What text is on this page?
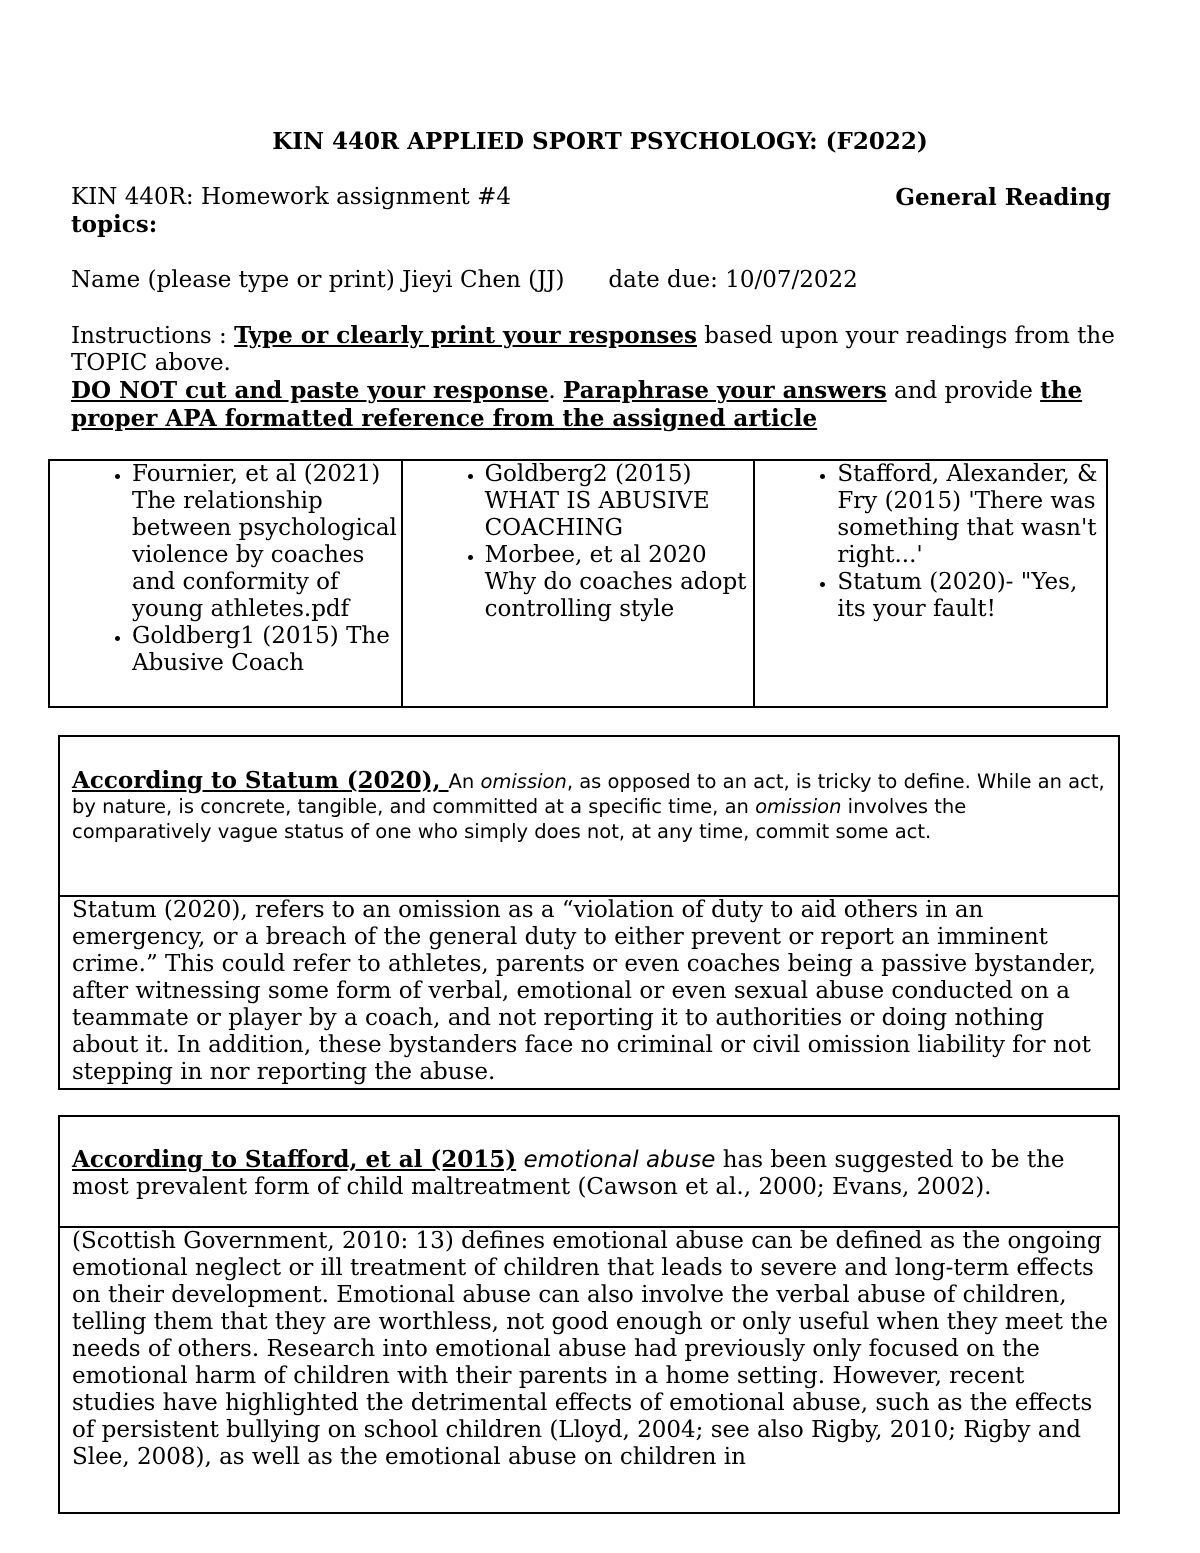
KIN 440R APPLIED SPORT PSYCHOLOGY: (F2022)
KIN 440R: Homework assignment #4	General Reading
topics:
Name (please type or print) Jieyi Chen (JJ) date due: 10/07/2022
Instructions : Type or clearly print your responses based upon your readings from the TOPIC above.
DO NOT cut and paste your response. Paraphrase your answers and provide the proper APA formatted reference from the assigned article
• Fournier, et al (2021) The relationship between psychological violence by coaches and conformity of young athletes.pdf
• Goldberg1 (2015) The Abusive Coach

• Goldberg2 (2015) WHAT IS ABUSIVE COACHING
• Morbee, et al 2020 Why do coaches adopt controlling style

• Stafford, Alexander, & Fry (2015) 'There was something that wasn't right...'
• Statum (2020)- "Yes, its your fault!
According to Statum (2020), An omission, as opposed to an act, is tricky to define. While an act, by nature, is concrete, tangible, and committed at a specific time, an omission involves the comparatively vague status of one who simply does not, at any time, commit some act.
Statum (2020), refers to an omission as a “violation of duty to aid others in an emergency, or a breach of the general duty to either prevent or report an imminent crime.” This could refer to athletes, parents or even coaches being a passive bystander, after witnessing some form of verbal, emotional or even sexual abuse conducted on a teammate or player by a coach, and not reporting it to authorities or doing nothing about it. In addition, these bystanders face no criminal or civil omission liability for not stepping in nor reporting the abuse.
According to Stafford, et al (2015) emotional abuse has been suggested to be the most prevalent form of child maltreatment (Cawson et al., 2000; Evans, 2002).
(Scottish Government, 2010: 13) defines emotional abuse can be defined as the ongoing emotional neglect or ill treatment of children that leads to severe and long-term effects on their development. Emotional abuse can also involve the verbal abuse of children, telling them that they are worthless, not good enough or only useful when they meet the needs of others. Research into emotional abuse had previously only focused on the emotional harm of children with their parents in a home setting. However, recent studies have highlighted the detrimental effects of emotional abuse, such as the effects of persistent bullying on school children (Lloyd, 2004; see also Rigby, 2010; Rigby and Slee, 2008), as well as the emotional abuse on children in
